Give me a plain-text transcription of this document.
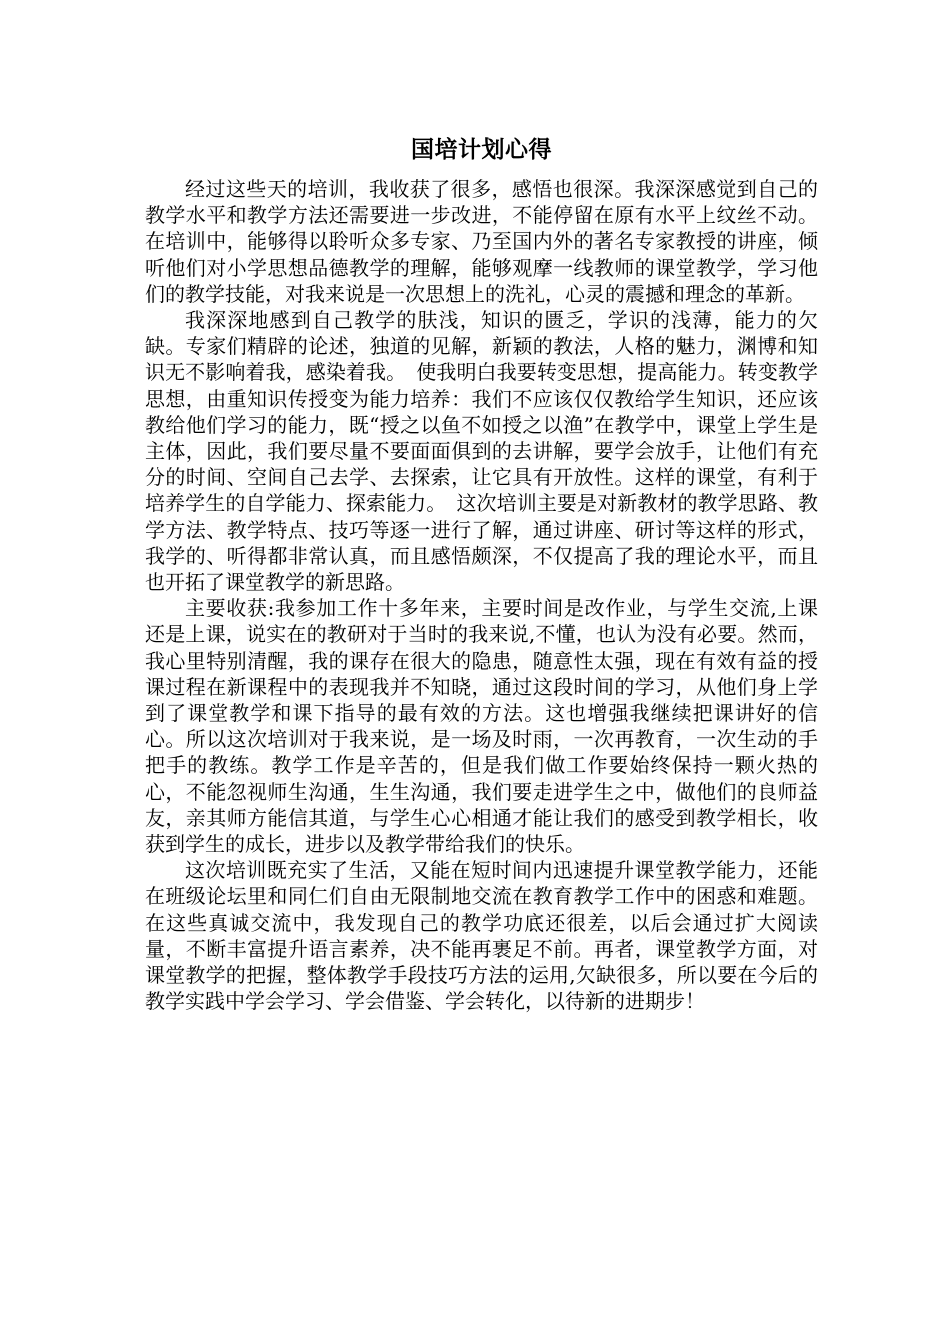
国培计划心得

经过这些天的培训，我收获了很多，感悟也很深。我深深感觉到自己的教学水平和教学方法还需要进一步改进，不能停留在原有水平上纹丝不动。在培训中，能够得以聆听众多专家、乃至国内外的著名专家教授的讲座，倾听他们对小学思想品德教学的理解，能够观摩一线教师的课堂教学，学习他们的教学技能，对我来说是一次思想上的洗礼，心灵的震撼和理念的革新。

我深深地感到自己教学的肤浅，知识的匮乏，学识的浅薄，能力的欠缺。专家们精辟的论述，独道的见解，新颖的教法，人格的魅力，渊博和知识无不影响着我，感染着我。　使我明白我要转变思想，提高能力。转变教学思想，由重知识传授变为能力培养：我们不应该仅仅教给学生知识，还应该教给他们学习的能力，既“授之以鱼不如授之以渔”在教学中，课堂上学生是主体，因此，我们要尽量不要面面俱到的去讲解，要学会放手，让他们有充分的时间、空间自己去学、去探索，让它具有开放性。这样的课堂，有利于培养学生的自学能力、探索能力。　这次培训主要是对新教材的教学思路、教学方法、教学特点、技巧等逐一进行了解，通过讲座、研讨等这样的形式，我学的、听得都非常认真，而且感悟颇深，不仅提高了我的理论水平，而且也开拓了课堂教学的新思路。

主要收获:我参加工作十多年来，主要时间是改作业，与学生交流,上课还是上课，说实在的教研对于当时的我来说,不懂，也认为没有必要。然而，我心里特别清醒，我的课存在很大的隐患，随意性太强，现在有效有益的授课过程在新课程中的表现我并不知晓，通过这段时间的学习，从他们身上学到了课堂教学和课下指导的最有效的方法。这也增强我继续把课讲好的信心。所以这次培训对于我来说，是一场及时雨，一次再教育，一次生动的手把手的教练。教学工作是辛苦的，但是我们做工作要始终保持一颗火热的心，不能忽视师生沟通，生生沟通，我们要走进学生之中，做他们的良师益友，亲其师方能信其道，与学生心心相通才能让我们的感受到教学相长，收获到学生的成长，进步以及教学带给我们的快乐。

这次培训既充实了生活，又能在短时间内迅速提升课堂教学能力，还能在班级论坛里和同仁们自由无限制地交流在教育教学工作中的困惑和难题。在这些真诚交流中，我发现自己的教学功底还很差，以后会通过扩大阅读量，不断丰富提升语言素养，决不能再裹足不前。再者，课堂教学方面，对课堂教学的把握，整体教学手段技巧方法的运用,欠缺很多，所以要在今后的教学实践中学会学习、学会借鉴、学会转化，以待新的进期步！
